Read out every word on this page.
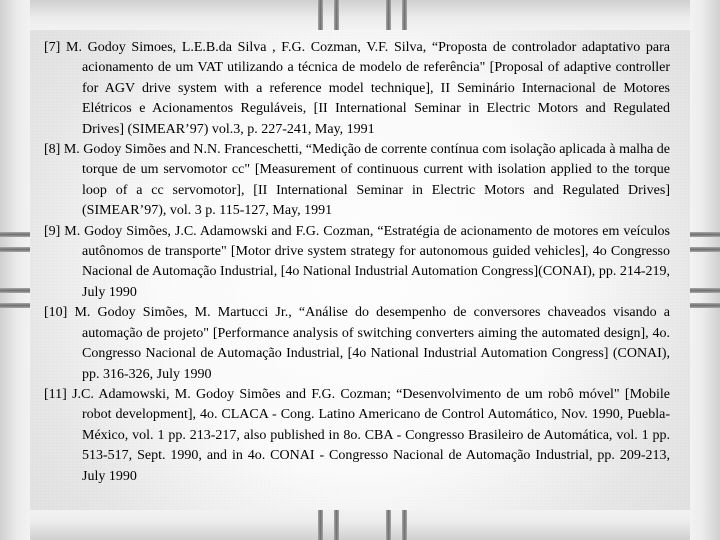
[7] M. Godoy Simoes, L.E.B.da Silva , F.G. Cozman, V.F. Silva, “Proposta de controlador adaptativo para acionamento de um VAT utilizando a técnica de modelo de referência" [Proposal of adaptive controller for AGV drive system with a reference model technique], II Seminário Internacional de Motores Elétricos e Acionamentos Reguláveis, [II International Seminar in Electric Motors and Regulated Drives] (SIMEAR’97) vol.3, p. 227-241, May, 1991

[8] M. Godoy Simões and N.N. Franceschetti, “Medição de corrente contínua com isolação aplicada à malha de torque de um servomotor cc" [Measurement of continuous current with isolation applied to the torque loop of a cc servomotor], [II International Seminar in Electric Motors and Regulated Drives] (SIMEAR’97), vol. 3 p. 115-127, May, 1991

[9] M. Godoy Simões, J.C. Adamowski and F.G. Cozman, “Estratégia de acionamento de motores em veículos autônomos de transporte" [Motor drive system strategy for autonomous guided vehicles], 4o Congresso Nacional de Automação Industrial, [4o National Industrial Automation Congress](CONAI), pp. 214-219, July 1990

[10] M. Godoy Simões, M. Martucci Jr., “Análise do desempenho de conversores chaveados visando a automação de projeto" [Performance analysis of switching converters aiming the automated design], 4o. Congresso Nacional de Automação Industrial, [4o National Industrial Automation Congress] (CONAI), pp. 316-326, July 1990

[11] J.C. Adamowski, M. Godoy Simões and F.G. Cozman; “Desenvolvimento de um robô móvel" [Mobile robot development], 4o. CLACA - Cong. Latino Americano de Control Automático, Nov. 1990, Puebla-México, vol. 1 pp. 213-217, also published in 8o. CBA - Congresso Brasileiro de Automática, vol. 1 pp. 513-517, Sept. 1990, and in 4o. CONAI - Congresso Nacional de Automação Industrial, pp. 209-213, July 1990
